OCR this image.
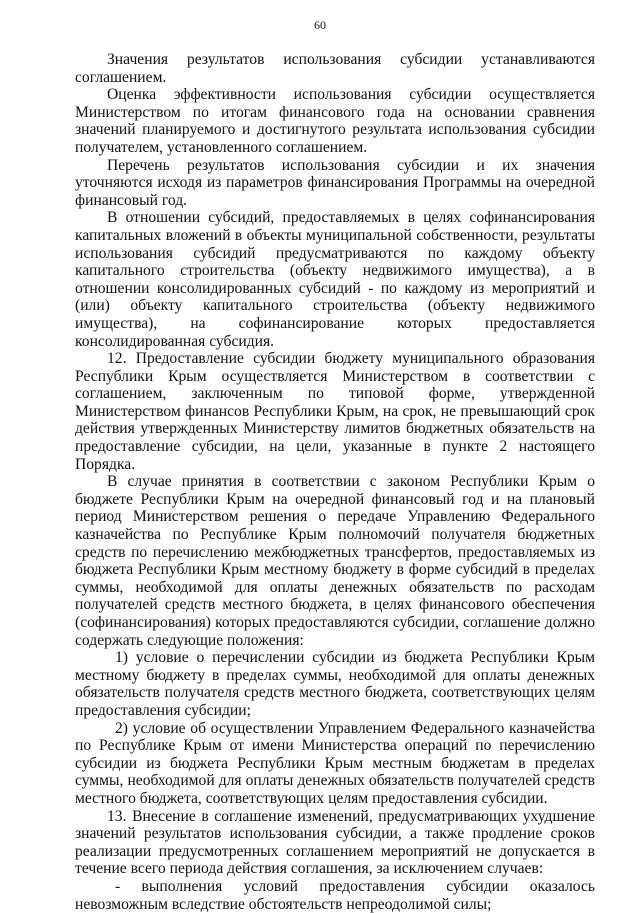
60

Значения результатов использования субсидии устанавливаются соглашением.

Оценка эффективности использования субсидии осуществляется Министерством по итогам финансового года на основании сравнения значений планируемого и достигнутого результата использования субсидии получателем, установленного соглашением.

Перечень результатов использования субсидии и их значения уточняются исходя из параметров финансирования Программы на очередной финансовый год.

В отношении субсидий, предоставляемых в целях софинансирования капитальных вложений в объекты муниципальной собственности, результаты использования субсидий предусматриваются по каждому объекту капитального строительства (объекту недвижимого имущества), а в отношении консолидированных субсидий - по каждому из мероприятий и (или) объекту капитального строительства (объекту недвижимого имущества), на софинансирование которых предоставляется консолидированная субсидия.

12. Предоставление субсидии бюджету муниципального образования Республики Крым осуществляется Министерством в соответствии с соглашением, заключенным по типовой форме, утвержденной Министерством финансов Республики Крым, на срок, не превышающий срок действия утвержденных Министерству лимитов бюджетных обязательств на предоставление субсидии, на цели, указанные в пункте 2 настоящего Порядка.

В случае принятия в соответствии с законом Республики Крым о бюджете Республики Крым на очередной финансовый год и на плановый период Министерством решения о передаче Управлению Федерального казначейства по Республике Крым полномочий получателя бюджетных средств по перечислению межбюджетных трансфертов, предоставляемых из бюджета Республики Крым местному бюджету в форме субсидий в пределах суммы, необходимой для оплаты денежных обязательств по расходам получателей средств местного бюджета, в целях финансового обеспечения (софинансирования) которых предоставляются субсидии, соглашение должно содержать следующие положения:

1) условие о перечислении субсидии из бюджета Республики Крым местному бюджету в пределах суммы, необходимой для оплаты денежных обязательств получателя средств местного бюджета, соответствующих целям предоставления субсидии;

2) условие об осуществлении Управлением Федерального казначейства по Республике Крым от имени Министерства операций по перечислению субсидии из бюджета Республики Крым местным бюджетам в пределах суммы, необходимой для оплаты денежных обязательств получателей средств местного бюджета, соответствующих целям предоставления субсидии.

13. Внесение в соглашение изменений, предусматривающих ухудшение значений результатов использования субсидии, а также продление сроков реализации предусмотренных соглашением мероприятий не допускается в течение всего периода действия соглашения, за исключением случаев:

- выполнения условий предоставления субсидии оказалось невозможным вследствие обстоятельств непреодолимой силы;
